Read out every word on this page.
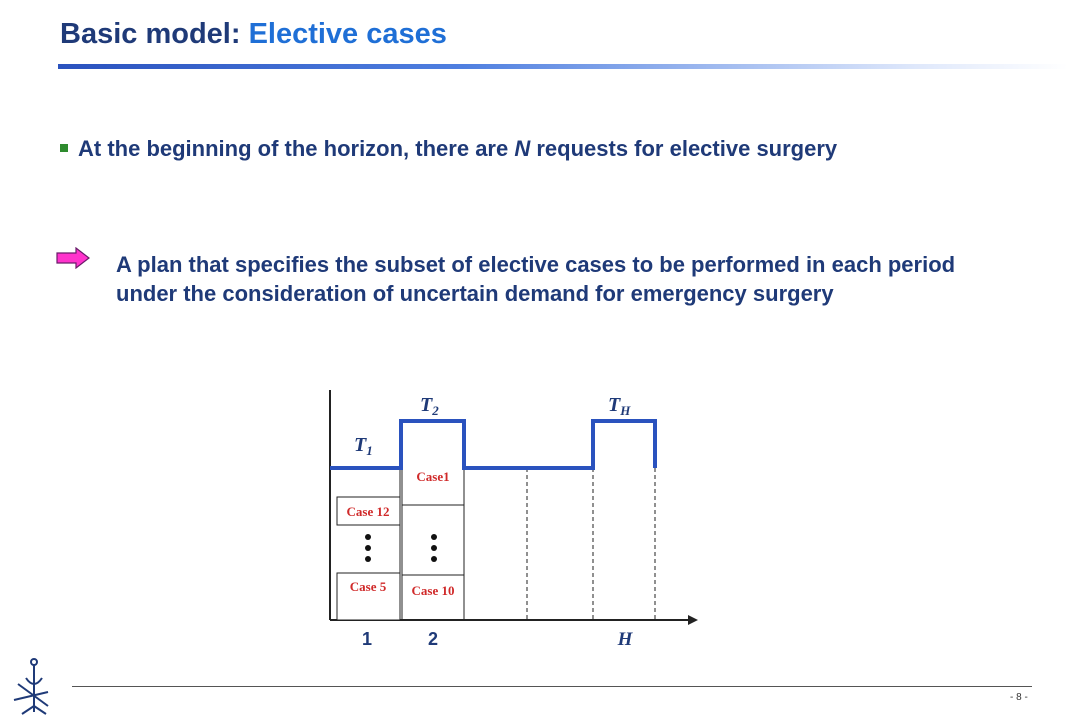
Basic model: Elective cases
At the beginning of the horizon, there are N requests for elective surgery

A plan that specifies the subset of elective cases to be performed in each period under the consideration of uncertain demand for emergency surgery

Case 12
Case 5
Case1
Case 10
$T_1$
$T_2$	$T_H$
1	2	H
- 8 -
